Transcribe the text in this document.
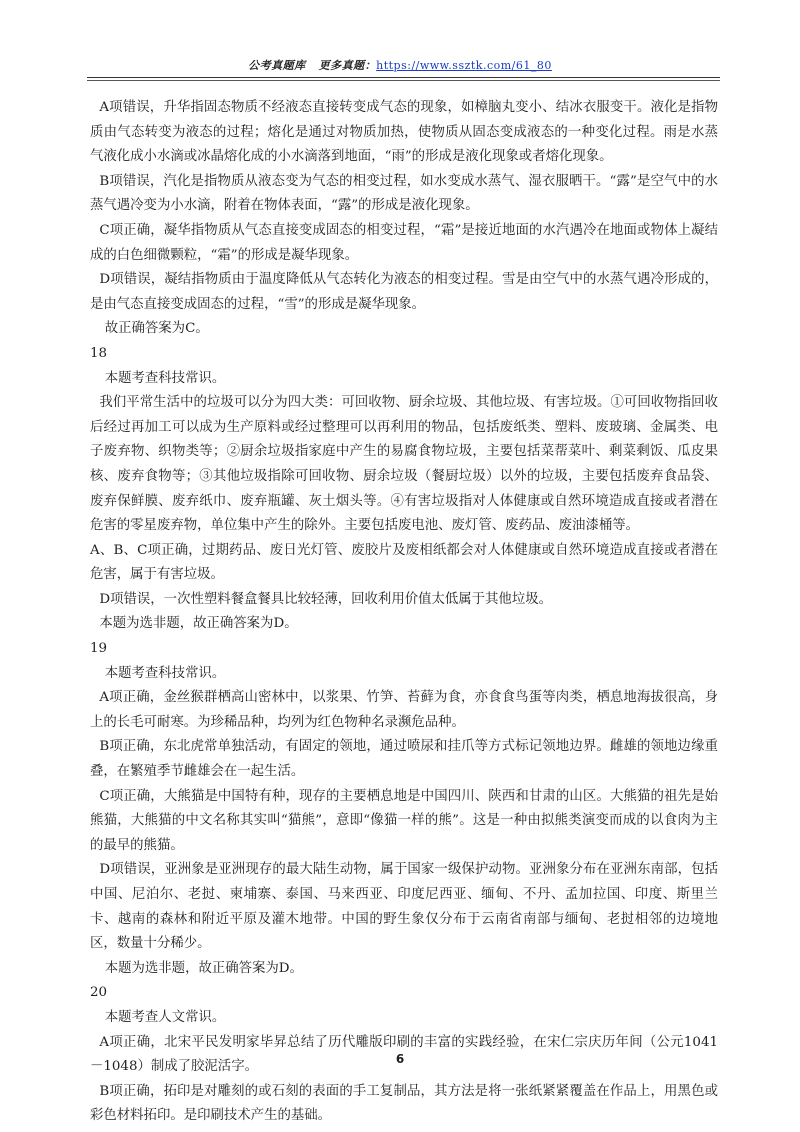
公考真题库 更多真题：https://www.ssztk.com/61_80

A项错误，升华指固态物质不经液态直接转变成气态的现象，如樟脑丸变小、结冰衣服变干。液化是指物质由气态转变为液态的过程；熔化是通过对物质加热，使物质从固态变成液态的一种变化过程。雨是水蒸气液化成小水滴或冰晶熔化成的小水滴落到地面，“雨”的形成是液化现象或者熔化现象。

B项错误，汽化是指物质从液态变为气态的相变过程，如水变成水蒸气、湿衣服晒干。“露”是空气中的水蒸气遇冷变为小水滴，附着在物体表面，“露”的形成是液化现象。

C项正确，凝华指物质从气态直接变成固态的相变过程，“霜”是接近地面的水汽遇冷在地面或物体上凝结成的白色细微颗粒，“霜”的形成是凝华现象。

D项错误，凝结指物质由于温度降低从气态转化为液态的相变过程。雪是由空气中的水蒸气遇冷形成的，是由气态直接变成固态的过程，“雪”的形成是凝华现象。

故正确答案为C。

18

本题考查科技常识。

我们平常生活中的垃圾可以分为四大类：可回收物、厨余垃圾、其他垃圾、有害垃圾。①可回收物指回收后经过再加工可以成为生产原料或经过整理可以再利用的物品，包括废纸类、塑料、废玻璃、金属类、电子废弃物、织物类等；②厨余垃圾指家庭中产生的易腐食物垃圾，主要包括菜帮菜叶、剩菜剩饭、瓜皮果核、废弃食物等；③其他垃圾指除可回收物、厨余垃圾（餐厨垃圾）以外的垃圾，主要包括废弃食品袋、废弃保鲜膜、废弃纸巾、废弃瓶罐、灰土烟头等。④有害垃圾指对人体健康或自然环境造成直接或者潜在危害的零星废弃物，单位集中产生的除外。主要包括废电池、废灯管、废药品、废油漆桶等。

A、B、C项正确，过期药品、废日光灯管、废胶片及废相纸都会对人体健康或自然环境造成直接或者潜在危害，属于有害垃圾。

D项错误，一次性塑料餐盒餐具比较轻薄，回收利用价值太低属于其他垃圾。

本题为选非题，故正确答案为D。

19

本题考查科技常识。

A项正确，金丝猴群栖高山密林中，以浆果、竹笋、苔藓为食，亦食食鸟蛋等肉类，栖息地海拔很高，身上的长毛可耐寒。为珍稀品种，均列为红色物种名录濒危品种。

B项正确，东北虎常单独活动，有固定的领地，通过喷尿和挂爪等方式标记领地边界。雌雄的领地边缘重叠，在繁殖季节雌雄会在一起生活。

C项正确，大熊猫是中国特有种，现存的主要栖息地是中国四川、陕西和甘肃的山区。大熊猫的祖先是始熊猫，大熊猫的中文名称其实叫“猫熊”，意即“像猫一样的熊”。这是一种由拟熊类演变而成的以食肉为主的最早的熊猫。

D项错误，亚洲象是亚洲现存的最大陆生动物，属于国家一级保护动物。亚洲象分布在亚洲东南部，包括中国、尼泊尔、老挝、柬埔寨、泰国、马来西亚、印度尼西亚、缅甸、不丹、孟加拉国、印度、斯里兰卡、越南的森林和附近平原及灌木地带。中国的野生象仅分布于云南省南部与缅甸、老挝相邻的边境地区，数量十分稀少。

本题为选非题，故正确答案为D。

20

本题考查人文常识。

A项正确，北宋平民发明家毕昇总结了历代雕版印刷的丰富的实践经验，在宋仁宗庆历年间（公元1041－1048）制成了胶泥活字。

B项正确，拓印是对雕刻的或石刻的表面的手工复制品，其方法是将一张纸紧紧覆盖在作品上，用黑色或彩色材料拓印。是印刷技术产生的基础。

6
